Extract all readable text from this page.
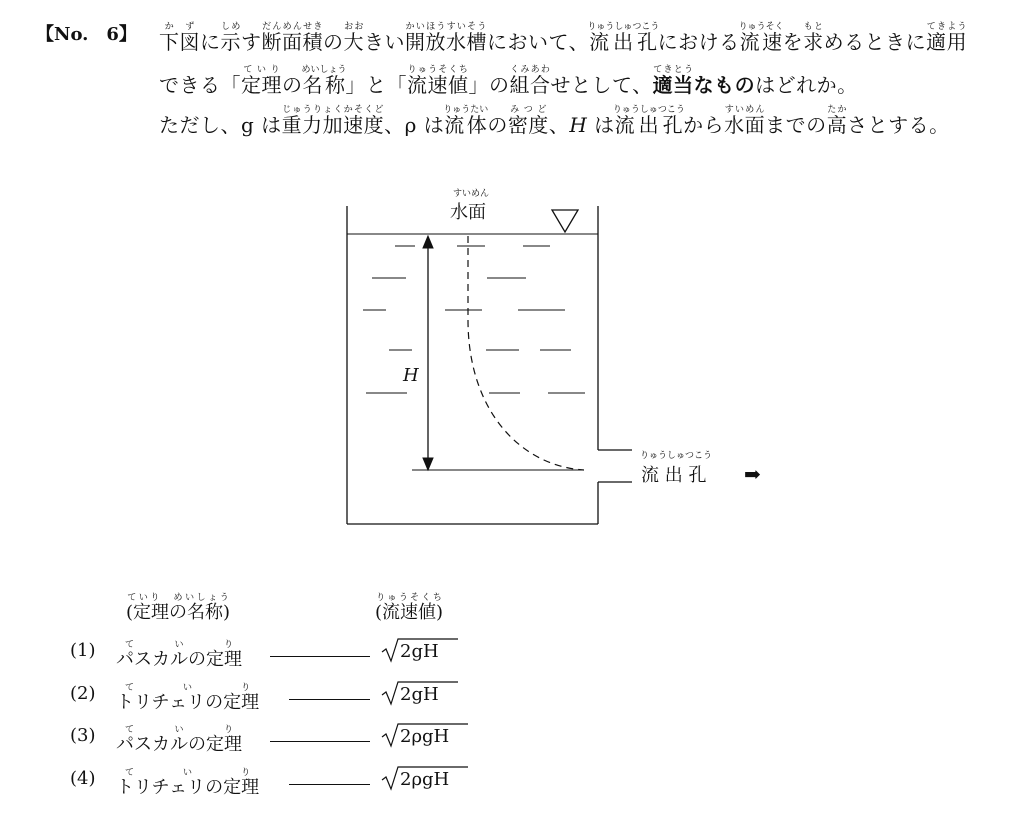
【No.　6】 下か図ずに示しめす断面積だんめんせきの大おおきい開放水槽かいほうすいそうにおいて、流出孔りゅうしゅつこうにおける流速りゅうそくを求もとめるときに適用てきよう
できる「定理ていりの名称めいしょう」と「流速値りゅうそくち」の組合くみあわせとして、適当てきとうなものはどれか。
ただし、g は重力加速度じゅうりょくかそくど、ρ は流体りゅうたいの密度みつど、H は流出孔りゅうしゅつこうから水面すいめんまでの高たかさとする。
すいめん
水面
H
りゅうしゅつこう
流 出 孔 ➡
(定理の名称)ていり　めいしょう
(流速値)りゅうそくち
(1) パスカルの定理ていり	2gH
(2) トリチェリの定理ていり	2gH
(3) パスカルの定理ていり	2ρgH
(4) トリチェリの定理ていり	2ρgH
